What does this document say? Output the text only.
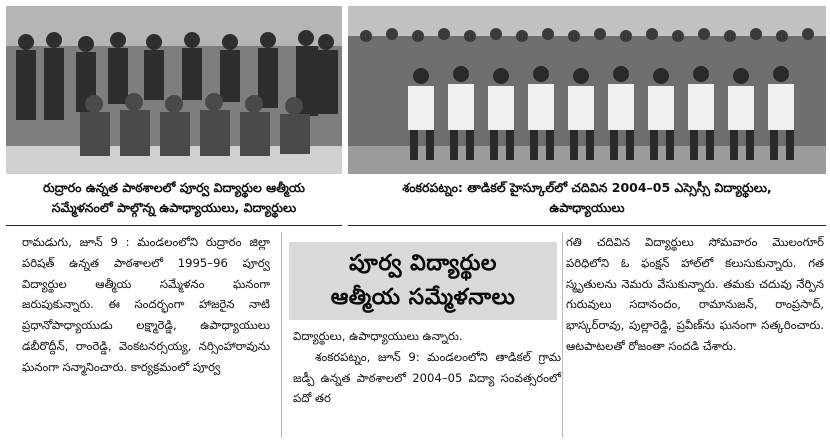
రుద్రారం ఉన్నత పాఠశాలలో పూర్వ విద్యార్థుల ఆత్మీయ
సమ్మేళనంలో పాల్గొన్న ఉపాధ్యాయులు, విద్యార్థులు
శంకరపట్నం: తాడికల్ హైస్కూల్‌లో చదివిన 2004–05 ఎస్సెస్సీ విద్యార్థులు,
ఉపాధ్యాయులు
పూర్వ విద్యార్థుల
ఆత్మీయ సమ్మేళనాలు

రామడుగు, జూన్ 9 : మండలంలోని రుద్రారం జిల్లా పరిషత్ ఉన్నత పాఠశాలలో 1995–96 పూర్వ విద్యార్థుల ఆత్మీయ సమ్మేళనం ఘనంగా జరుపుకున్నారు. ఈ సందర్భంగా హాజరైన నాటి ప్రధానోపాధ్యాయుడు లక్ష్మారెడ్డి, ఉపాధ్యాయులు డబీరొద్దీన్, రాంరెడ్డి, వెంకటనర్సయ్య, నర్సింహారావును ఘనంగా సన్మానించారు. కార్యక్రమంలో పూర్వ

విద్యార్థులు, ఉపాధ్యాయులు ఉన్నారు.

శంకరపట్నం, జూన్ 9: మండలంలోని తాడికల్ గ్రామ జడ్పీ ఉన్నత పాఠశాలలో 2004–05 విద్యా సంవత్సరంలో పదో తర

గతి చదివిన విద్యార్థులు సోమవారం మొలంగూర్ పరిధిలోని ఓ ఫంక్షన్ హాల్‌లో కలుసుకున్నారు. గత స్మృతులను నెమరు వేసుకున్నారు. తమకు చదువు నేర్పిన గురువులు సదానందం, రామానుజన్, రాంప్రసాద్, భాస్కర్‌రావు, పుల్లారెడ్డి, ప్రవీణ్‌ను ఘనంగా సత్కరించారు. ఆటపాటలతో రోజంతా సందడి చేశారు.
